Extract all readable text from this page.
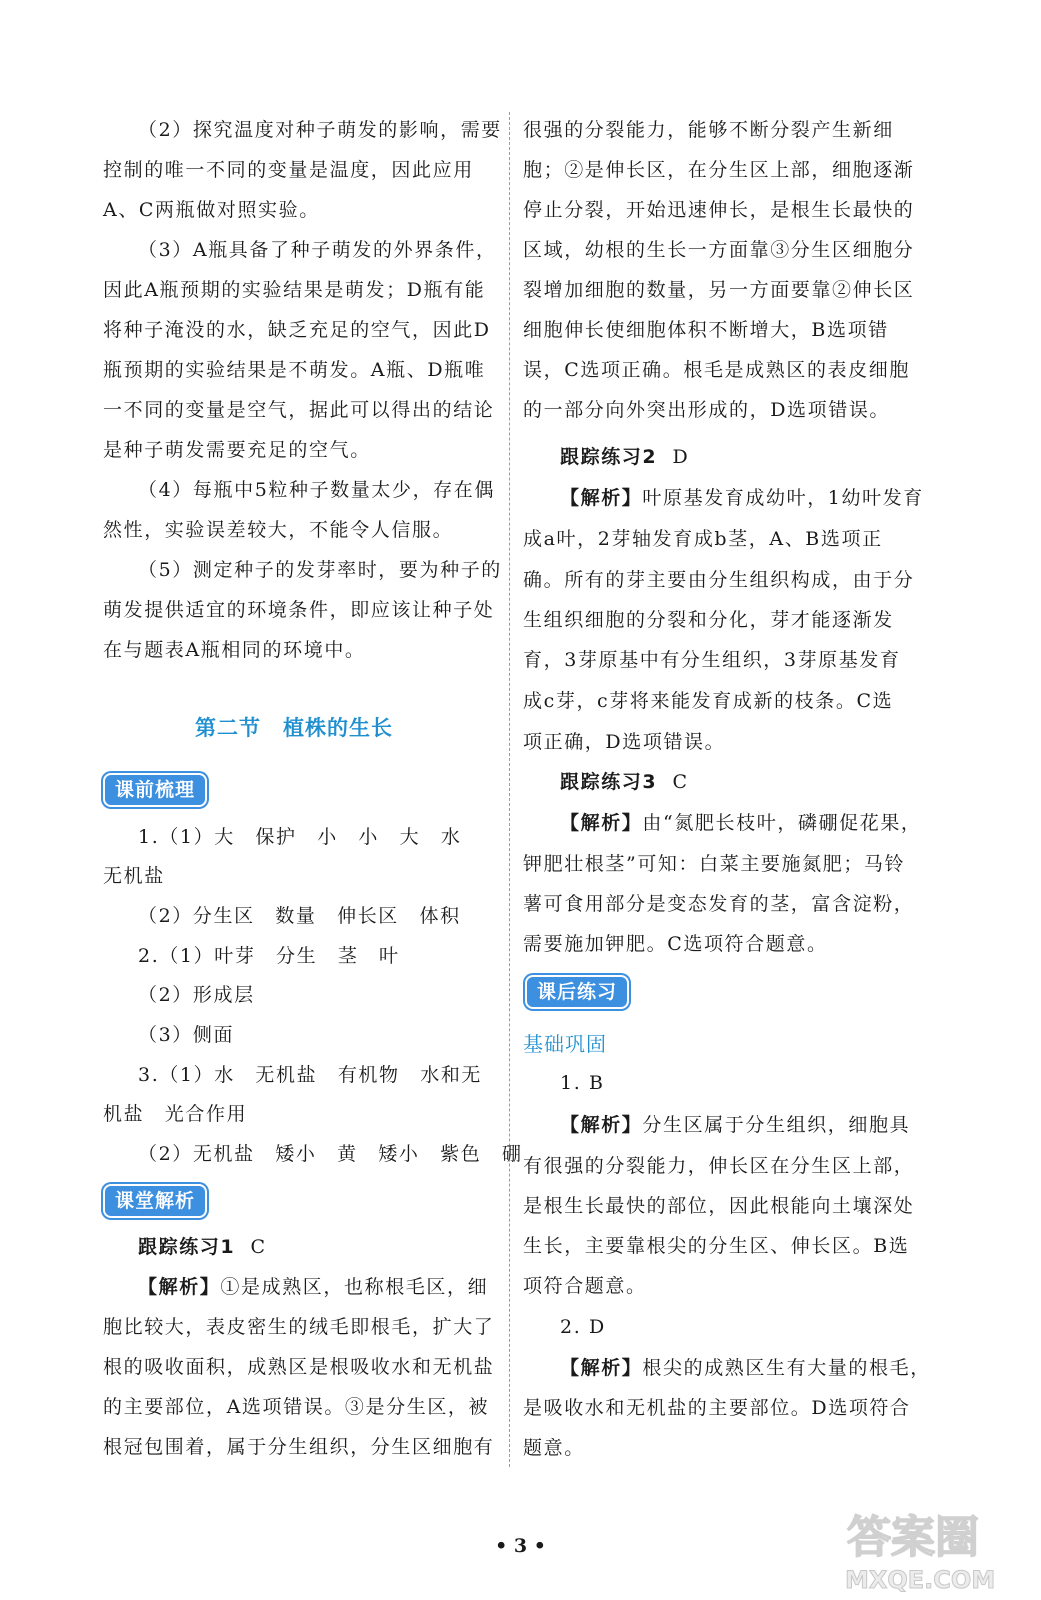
（2）探究温度对种子萌发的影响，需要
控制的唯一不同的变量是温度，因此应用
A、C两瓶做对照实验。
（3）A瓶具备了种子萌发的外界条件，
因此A瓶预期的实验结果是萌发；D瓶有能
将种子淹没的水，缺乏充足的空气，因此D
瓶预期的实验结果是不萌发。A瓶、D瓶唯
一不同的变量是空气，据此可以得出的结论
是种子萌发需要充足的空气。
（4）每瓶中5粒种子数量太少，存在偶
然性，实验误差较大，不能令人信服。
（5）测定种子的发芽率时，要为种子的
萌发提供适宜的环境条件，即应该让种子处
在与题表A瓶相同的环境中。
第二节　植株的生长
课前梳理
1.（1）大　保护　小　小　大　水
无机盐
（2）分生区　数量　伸长区　体积
2.（1）叶芽　分生　茎　叶
（2）形成层
（3）侧面
3.（1）水　无机盐　有机物　水和无
机盐　光合作用
（2）无机盐　矮小　黄　矮小　紫色　硼
课堂解析
跟踪练习1 C
【解析】①是成熟区，也称根毛区，细
胞比较大，表皮密生的绒毛即根毛，扩大了
根的吸收面积，成熟区是根吸收水和无机盐
的主要部位，A选项错误。③是分生区，被
根冠包围着，属于分生组织，分生区细胞有
很强的分裂能力，能够不断分裂产生新细
胞；②是伸长区，在分生区上部，细胞逐渐
停止分裂，开始迅速伸长，是根生长最快的
区域，幼根的生长一方面靠③分生区细胞分
裂增加细胞的数量，另一方面要靠②伸长区
细胞伸长使细胞体积不断增大，B选项错
误，C选项正确。根毛是成熟区的表皮细胞
的一部分向外突出形成的，D选项错误。
跟踪练习2 D
【解析】叶原基发育成幼叶，1幼叶发育
成a叶，2芽轴发育成b茎，A、B选项正
确。所有的芽主要由分生组织构成，由于分
生组织细胞的分裂和分化，芽才能逐渐发
育，3芽原基中有分生组织，3芽原基发育
成c芽，c芽将来能发育成新的枝条。C选
项正确，D选项错误。
跟踪练习3 C
【解析】由“氮肥长枝叶，磷硼促花果，
钾肥壮根茎”可知：白菜主要施氮肥；马铃
薯可食用部分是变态发育的茎，富含淀粉，
需要施加钾肥。C选项符合题意。
课后练习
基础巩固
1. B
【解析】分生区属于分生组织，细胞具
有很强的分裂能力，伸长区在分生区上部，
是根生长最快的部位，因此根能向土壤深处
生长，主要靠根尖的分生区、伸长区。B选
项符合题意。
2. D
【解析】根尖的成熟区生有大量的根毛，
是吸收水和无机盐的主要部位。D选项符合
题意。
• 3 •	答案圈
MXQE.COM
